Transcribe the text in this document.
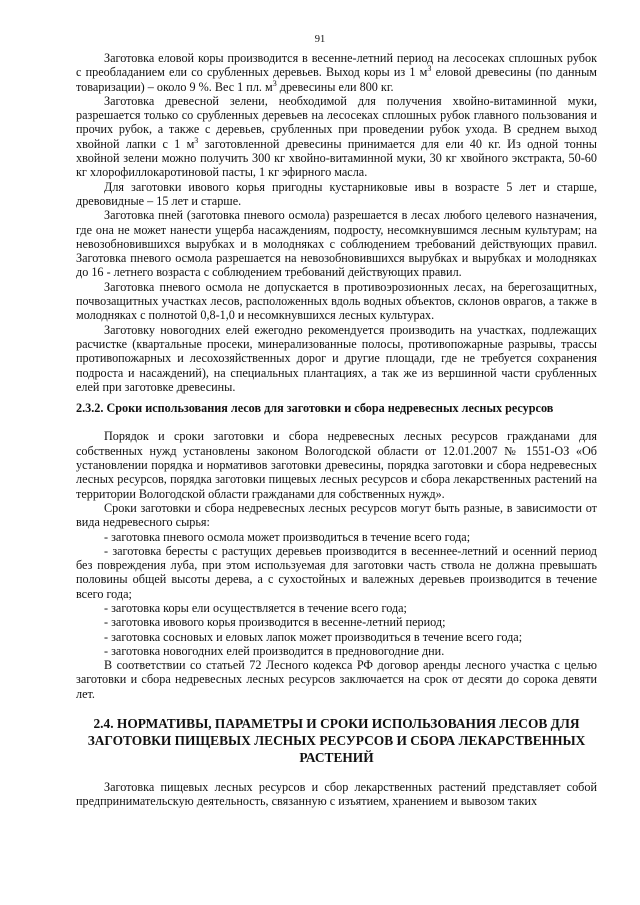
91

Заготовка еловой коры производится в весенне-летний период на лесосеках сплошных рубок с преобладанием ели со срубленных деревьев. Выход коры из 1 $м^3$ еловой древесины (по данным товаризации) – около 9 %. Вес 1 пл. $м^3$ древесины ели 800 кг.

Заготовка древесной зелени, необходимой для получения хвойно-витаминной муки, разрешается только со срубленных деревьев на лесосеках сплошных рубок главного пользования и прочих рубок, а также с деревьев, срубленных при проведении рубок ухода. В среднем выход хвойной лапки с 1 $м^3$ заготовленной древесины принимается для ели 40 кг. Из одной тонны хвойной зелени можно получить 300 кг хвойно-витаминной муки, 30 кг хвойного экстракта, 50-60 кг хлорофиллокаротиновой пасты, 1 кг эфирного масла.

Для заготовки ивового корья пригодны кустарниковые ивы в возрасте 5 лет и старше, древовидные – 15 лет и старше.

Заготовка пней (заготовка пневого осмола) разрешается в лесах любого целевого назначения, где она не может нанести ущерба насаждениям, подросту, несомкнувшимся лесным культурам; на невозобновившихся вырубках и в молодняках с соблюдением требований действующих правил. Заготовка пневого осмола разрешается на невозобновившихся вырубках и вырубках и молодняках до 16 - летнего возраста с соблюдением требований действующих правил.

Заготовка пневого осмола не допускается в противоэрозионных лесах, на берегозащитных, почвозащитных участках лесов, расположенных вдоль водных объектов, склонов оврагов, а также в молодняках с полнотой 0,8-1,0 и несомкнувшихся лесных культурах.

Заготовку новогодних елей ежегодно рекомендуется производить на участках, подлежащих расчистке (квартальные просеки, минерализованные полосы, противопожарные разрывы, трассы противопожарных и лесохозяйственных дорог и другие площади, где не требуется сохранения подроста и насаждений), на специальных плантациях, а так же из вершинной части срубленных елей при заготовке древесины.

2.3.2. Сроки использования лесов для заготовки и сбора недревесных лесных ресурсов

Порядок и сроки заготовки и сбора недревесных лесных ресурсов гражданами для собственных нужд установлены законом Вологодской области от 12.01.2007 № 1551-ОЗ «Об установлении порядка и нормативов заготовки древесины, порядка заготовки и сбора недревесных лесных ресурсов, порядка заготовки пищевых лесных ресурсов и сбора лекарственных растений на территории Вологодской области гражданами для собственных нужд».

Сроки заготовки и сбора недревесных лесных ресурсов могут быть разные, в зависимости от вида недревесного сырья:

- заготовка пневого осмола может производиться в течение всего года;

- заготовка бересты с растущих деревьев производится в весеннее-летний и осенний период без повреждения луба, при этом используемая для заготовки часть ствола не должна превышать половины общей высоты дерева, а с сухостойных и валежных деревьев производится в течение всего года;

- заготовка коры ели осуществляется в течение всего года;

- заготовка ивового корья производится в весенне-летний период;

- заготовка сосновых и еловых лапок может производиться в течение всего года;

- заготовка новогодних елей производится в предновогодние дни.

В соответствии со статьей 72 Лесного кодекса РФ договор аренды лесного участка с целью заготовки и сбора недревесных лесных ресурсов заключается на срок от десяти до сорока девяти лет.

2.4. НОРМАТИВЫ, ПАРАМЕТРЫ И СРОКИ ИСПОЛЬЗОВАНИЯ ЛЕСОВ ДЛЯ ЗАГОТОВКИ ПИЩЕВЫХ ЛЕСНЫХ РЕСУРСОВ И СБОРА ЛЕКАРСТВЕННЫХ РАСТЕНИЙ

Заготовка пищевых лесных ресурсов и сбор лекарственных растений представляет собой предпринимательскую деятельность, связанную с изъятием, хранением и вывозом таких
